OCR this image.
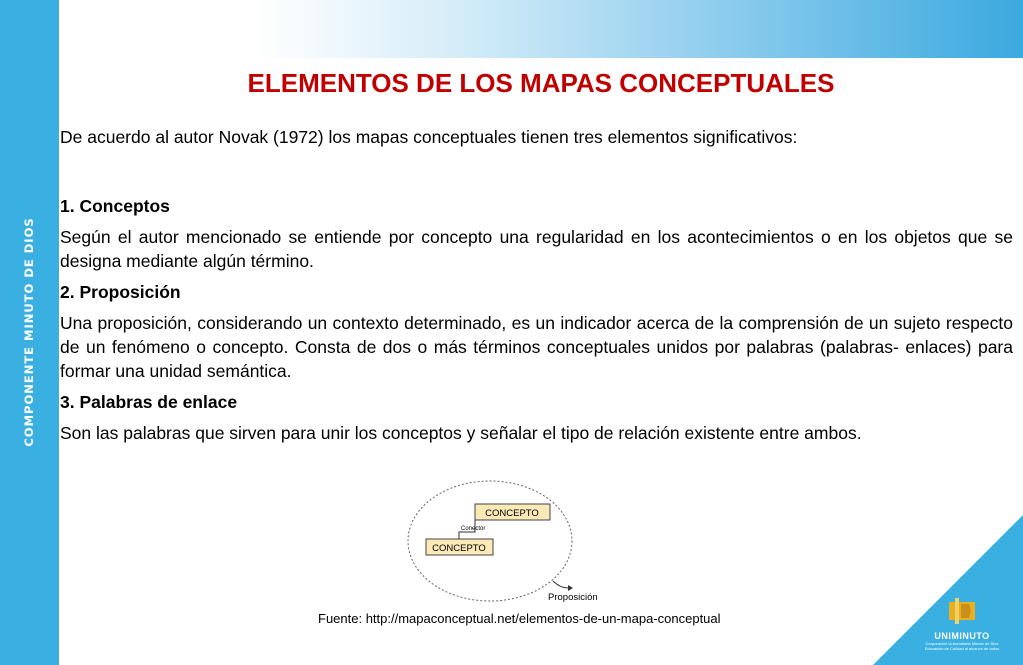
COMPONENTE MINUTO DE DIOS
ELEMENTOS DE LOS MAPAS CONCEPTUALES

De acuerdo al autor Novak (1972) los mapas conceptuales tienen tres elementos significativos:

1. Conceptos

Según el autor mencionado se entiende por concepto una regularidad en los acontecimientos o en los objetos que se designa mediante algún término.

2. Proposición

Una proposición, considerando un contexto determinado, es un indicador acerca de la comprensión de un sujeto respecto de un fenómeno o concepto. Consta de dos o más términos conceptuales unidos por palabras (palabras- enlaces) para formar una unidad semántica.

3. Palabras de enlace

Son las palabras que sirven para unir los conceptos y señalar el tipo de relación existente entre ambos.

CONCEPTO
CONCEPTO
Conector
Proposición
Fuente: http://mapaconceptual.net/elementos-de-un-mapa-conceptual
UNIMINUTO
Corporación Universitaria Minuto de Dios
Educación de Calidad al alcance de todos
